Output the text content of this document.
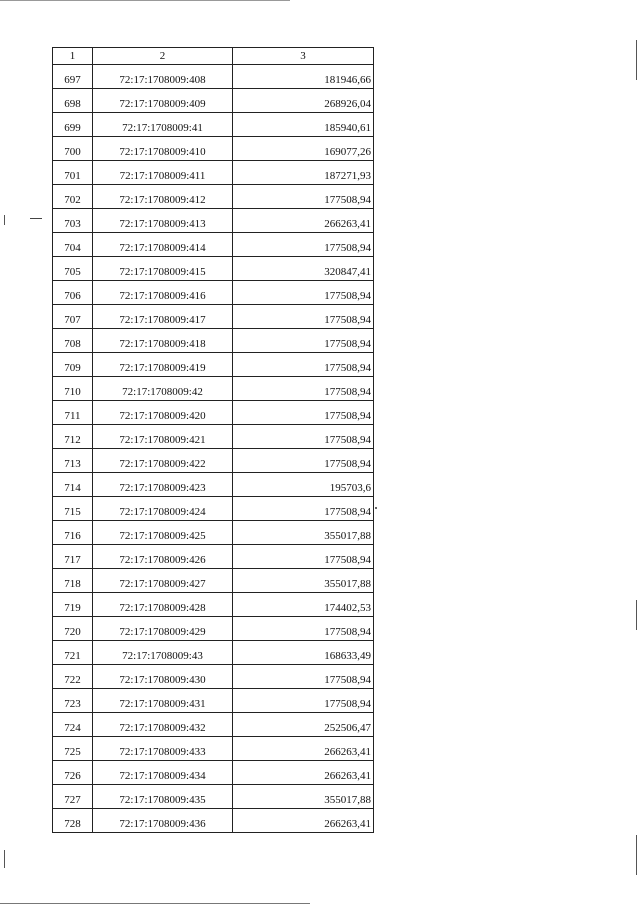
1	2	3
697	72:17:1708009:408	181946,66
698	72:17:1708009:409	268926,04
699	72:17:1708009:41	185940,61
700	72:17:1708009:410	169077,26
701	72:17:1708009:411	187271,93
702	72:17:1708009:412	177508,94
703	72:17:1708009:413	266263,41
704	72:17:1708009:414	177508,94
705	72:17:1708009:415	320847,41
706	72:17:1708009:416	177508,94
707	72:17:1708009:417	177508,94
708	72:17:1708009:418	177508,94
709	72:17:1708009:419	177508,94
710	72:17:1708009:42	177508,94
711	72:17:1708009:420	177508,94
712	72:17:1708009:421	177508,94
713	72:17:1708009:422	177508,94
714	72:17:1708009:423	195703,6
715	72:17:1708009:424	177508,94
716	72:17:1708009:425	355017,88
717	72:17:1708009:426	177508,94
718	72:17:1708009:427	355017,88
719	72:17:1708009:428	174402,53
720	72:17:1708009:429	177508,94
721	72:17:1708009:43	168633,49
722	72:17:1708009:430	177508,94
723	72:17:1708009:431	177508,94
724	72:17:1708009:432	252506,47
725	72:17:1708009:433	266263,41
726	72:17:1708009:434	266263,41
727	72:17:1708009:435	355017,88
728	72:17:1708009:436	266263,41
